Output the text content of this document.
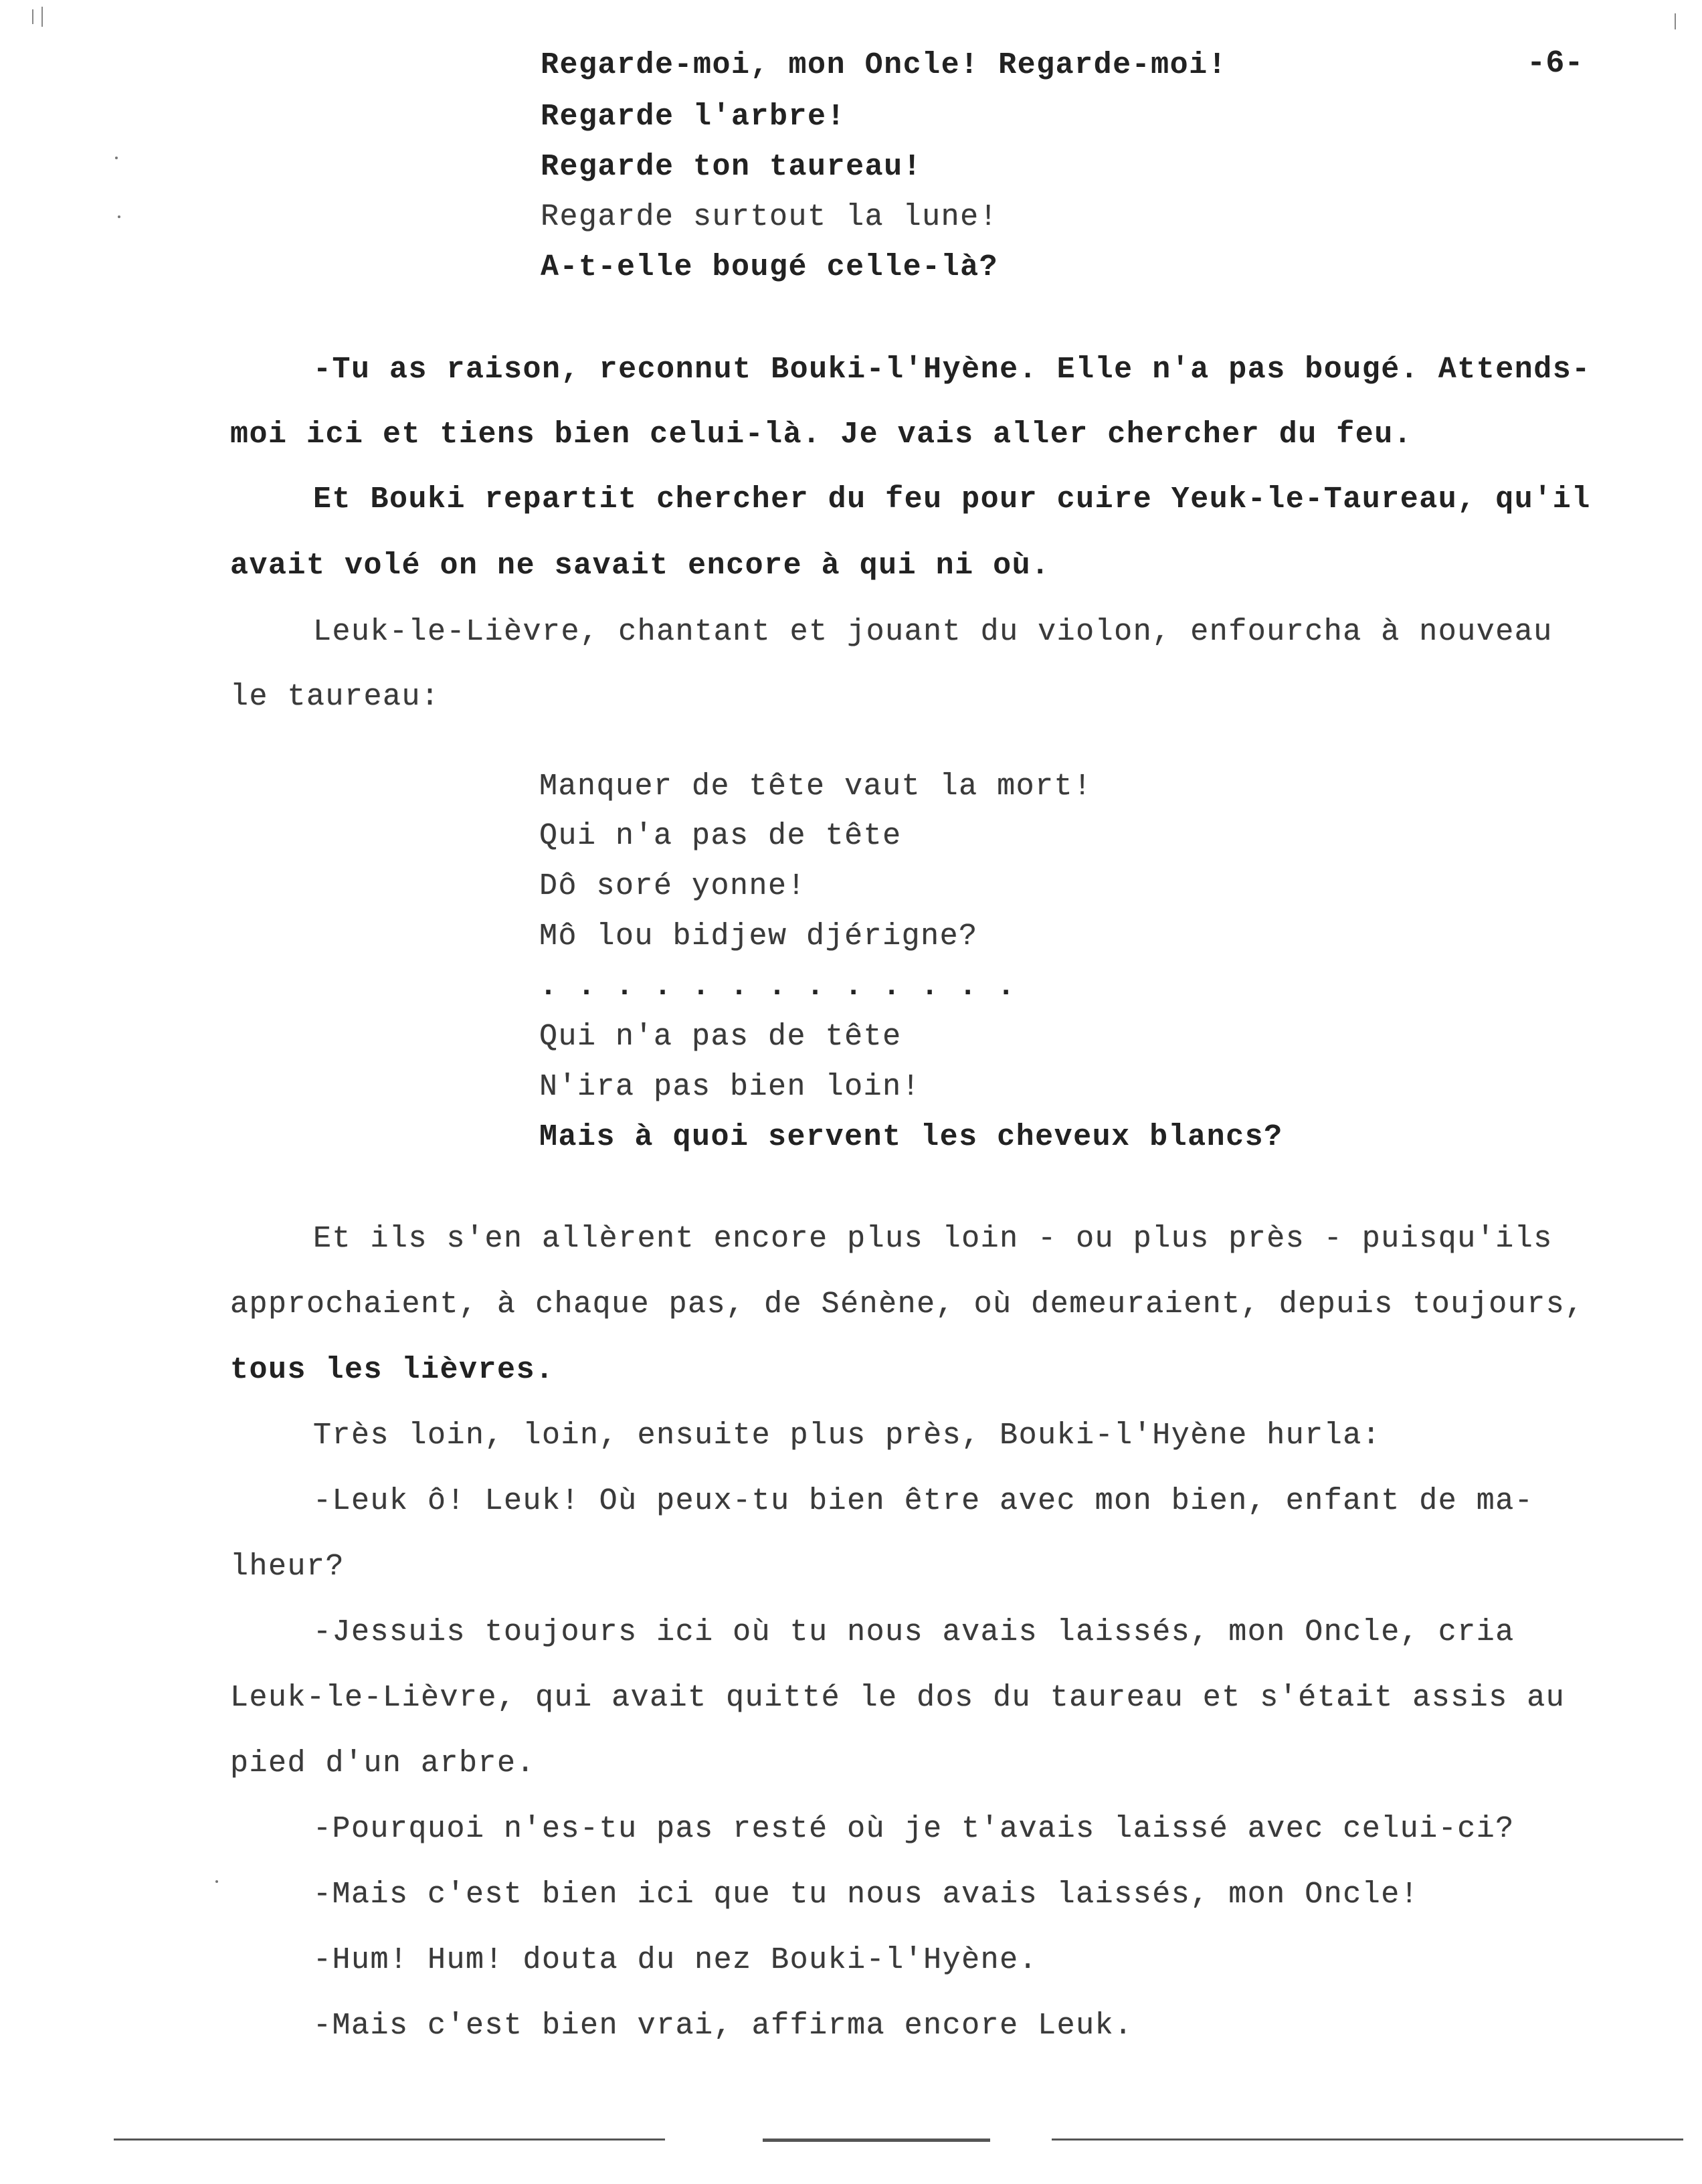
-6-
Regarde-moi, mon Oncle! Regarde-moi!
Regarde l'arbre!
Regarde ton taureau!
Regarde surtout la lune!
A-t-elle bougé celle-là?
-Tu as raison, reconnut Bouki-l'Hyène. Elle n'a pas bougé. Attends-
moi ici et tiens bien celui-là. Je vais aller chercher du feu.
Et Bouki repartit chercher du feu pour cuire Yeuk-le-Taureau, qu'il
avait volé on ne savait encore à qui ni où.
Leuk-le-Lièvre, chantant et jouant du violon, enfourcha à nouveau
le taureau:
Manquer de tête vaut la mort!
Qui n'a pas de tête
Dô soré yonne!
Mô lou bidjew djérigne?
. . . . . . . . . . . . .
Qui n'a pas de tête
N'ira pas bien loin!
Mais à quoi servent les cheveux blancs?
Et ils s'en allèrent encore plus loin - ou plus près - puisqu'ils
approchaient, à chaque pas, de Sénène, où demeuraient, depuis toujours,
tous les lièvres.
Très loin, loin, ensuite plus près, Bouki-l'Hyène hurla:
-Leuk ô! Leuk! Où peux-tu bien être avec mon bien, enfant de ma-
lheur?
-Jessuis toujours ici où tu nous avais laissés, mon Oncle, cria
Leuk-le-Lièvre, qui avait quitté le dos du taureau et s'était assis au
pied d'un arbre.
-Pourquoi n'es-tu pas resté où je t'avais laissé avec celui-ci?
-Mais c'est bien ici que tu nous avais laissés, mon Oncle!
-Hum! Hum! douta du nez Bouki-l'Hyène.
-Mais c'est bien vrai, affirma encore Leuk.
